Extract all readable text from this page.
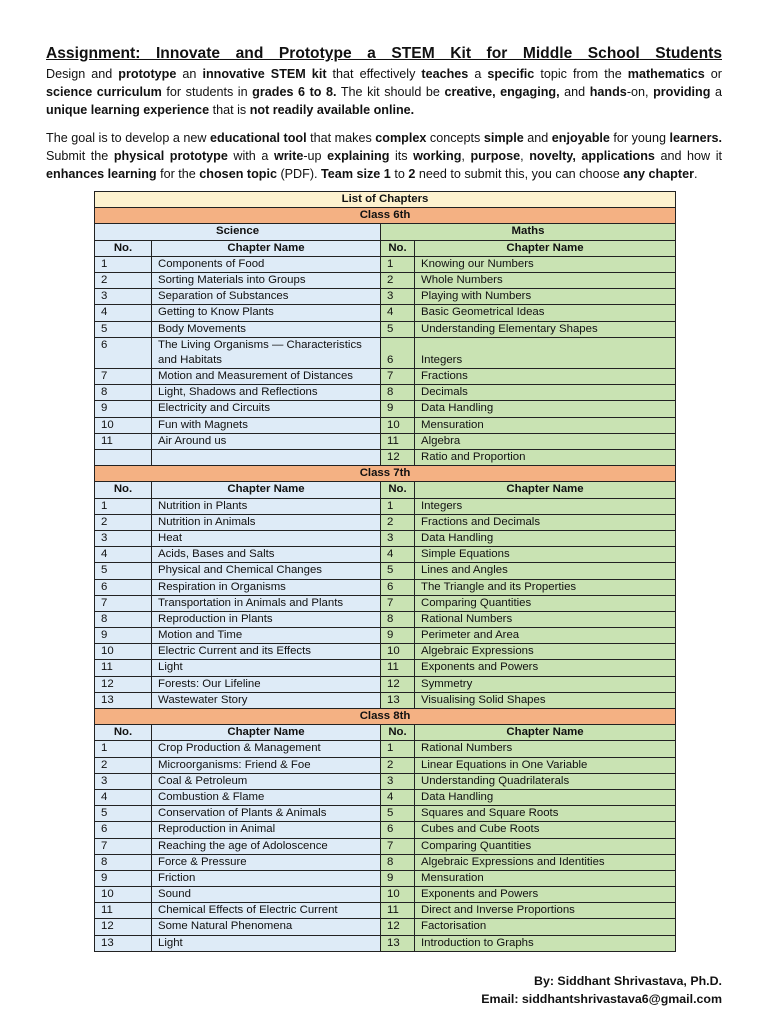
Assignment: Innovate and Prototype a STEM Kit for Middle School Students

Design and prototype an innovative STEM kit that effectively teaches a specific topic from the mathematics or science curriculum for students in grades 6 to 8. The kit should be creative, engaging, and hands-on, providing a unique learning experience that is not readily available online.

The goal is to develop a new educational tool that makes complex concepts simple and enjoyable for young learners. Submit the physical prototype with a write-up explaining its working, purpose, novelty, applications and how it enhances learning for the chosen topic (PDF). Team size 1 to 2 need to submit this, you can choose any chapter.

List of Chapters			
Class 6th			
Science		Maths	
No.	Chapter Name	No.	Chapter Name
1	Components of Food	1	Knowing our Numbers
2	Sorting Materials into Groups	2	Whole Numbers
3	Separation of Substances	3	Playing with Numbers
4	Getting to Know Plants	4	Basic Geometrical Ideas
5	Body Movements	5	Understanding Elementary Shapes
6	The Living Organisms — Characteristics and Habitats	6	Integers
7	Motion and Measurement of Distances	7	Fractions
8	Light, Shadows and Reflections	8	Decimals
9	Electricity and Circuits	9	Data Handling
10	Fun with Magnets	10	Mensuration
11	Air Around us	11	Algebra
		12	Ratio and Proportion
Class 7th			
No.	Chapter Name	No.	Chapter Name
1	Nutrition in Plants	1	Integers
2	Nutrition in Animals	2	Fractions and Decimals
3	Heat	3	Data Handling
4	Acids, Bases and Salts	4	Simple Equations
5	Physical and Chemical Changes	5	Lines and Angles
6	Respiration in Organisms	6	The Triangle and its Properties
7	Transportation in Animals and Plants	7	Comparing Quantities
8	Reproduction in Plants	8	Rational Numbers
9	Motion and Time	9	Perimeter and Area
10	Electric Current and its Effects	10	Algebraic Expressions
11	Light	11	Exponents and Powers
12	Forests: Our Lifeline	12	Symmetry
13	Wastewater Story	13	Visualising Solid Shapes
Class 8th			
No.	Chapter Name	No.	Chapter Name
1	Crop Production & Management	1	Rational Numbers
2	Microorganisms: Friend & Foe	2	Linear Equations in One Variable
3	Coal & Petroleum	3	Understanding Quadrilaterals
4	Combustion & Flame	4	Data Handling
5	Conservation of Plants & Animals	5	Squares and Square Roots
6	Reproduction in Animal	6	Cubes and Cube Roots
7	Reaching the age of Adoloscence	7	Comparing Quantities
8	Force & Pressure	8	Algebraic Expressions and Identities
9	Friction	9	Mensuration
10	Sound	10	Exponents and Powers
11	Chemical Effects of Electric Current	11	Direct and Inverse Proportions
12	Some Natural Phenomena	12	Factorisation
13	Light	13	Introduction to Graphs
By: Siddhant Shrivastava, Ph.D.
Email: siddhantshrivastava6@gmail.com
